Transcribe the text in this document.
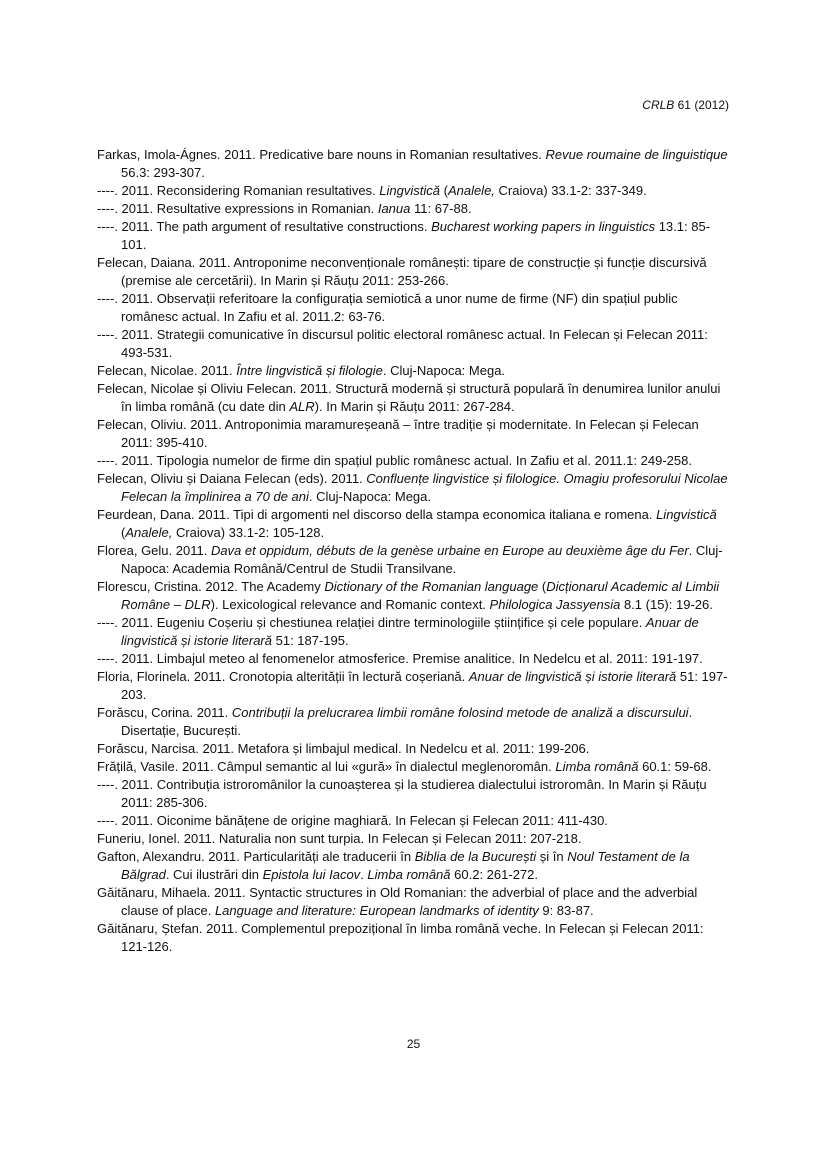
CRLB 61 (2012)
Farkas, Imola-Ágnes. 2011. Predicative bare nouns in Romanian resultatives. Revue roumaine de linguistique 56.3: 293-307.
----. 2011. Reconsidering Romanian resultatives. Lingvistică (Analele, Craiova) 33.1-2: 337-349.
----. 2011. Resultative expressions in Romanian. Ianua 11: 67-88.
----. 2011. The path argument of resultative constructions. Bucharest working papers in linguistics 13.1: 85-101.
Felecan, Daiana. 2011. Antroponime neconvenționale românești: tipare de construcție și funcție discursivă (premise ale cercetării). In Marin și Răuțu 2011: 253-266.
----. 2011. Observații referitoare la configurația semiotică a unor nume de firme (NF) din spațiul public românesc actual. In Zafiu et al. 2011.2: 63-76.
----. 2011. Strategii comunicative în discursul politic electoral românesc actual. In Felecan și Felecan 2011: 493-531.
Felecan, Nicolae. 2011. Între lingvistică și filologie. Cluj-Napoca: Mega.
Felecan, Nicolae și Oliviu Felecan. 2011. Structură modernă și structură populară în denumirea lunilor anului în limba română (cu date din ALR). In Marin și Răuțu 2011: 267-284.
Felecan, Oliviu. 2011. Antroponimia maramureșeană – între tradiție și modernitate. In Felecan și Felecan 2011: 395-410.
----. 2011. Tipologia numelor de firme din spațiul public românesc actual. In Zafiu et al. 2011.1: 249-258.
Felecan, Oliviu și Daiana Felecan (eds). 2011. Confluențe lingvistice și filologice. Omagiu profesorului Nicolae Felecan la împlinirea a 70 de ani. Cluj-Napoca: Mega.
Feurdean, Dana. 2011. Tipi di argomenti nel discorso della stampa economica italiana e romena. Lingvistică (Analele, Craiova) 33.1-2: 105-128.
Florea, Gelu. 2011. Dava et oppidum, débuts de la genèse urbaine en Europe au deuxième âge du Fer. Cluj-Napoca: Academia Română/Centrul de Studii Transilvane.
Florescu, Cristina. 2012. The Academy Dictionary of the Romanian language (Dicționarul Academic al Limbii Române – DLR). Lexicological relevance and Romanic context. Philologica Jassyensia 8.1 (15): 19-26.
----. 2011. Eugeniu Coșeriu și chestiunea relației dintre terminologiile științifice și cele populare. Anuar de lingvistică și istorie literară 51: 187-195.
----. 2011. Limbajul meteo al fenomenelor atmosferice. Premise analitice. In Nedelcu et al. 2011: 191-197.
Floria, Florinela. 2011. Cronotopia alterității în lectură coșeriană. Anuar de lingvistică și istorie literară 51: 197-203.
Forăscu, Corina. 2011. Contribuții la prelucrarea limbii române folosind metode de analiză a discursului. Disertație, București.
Forăscu, Narcisa. 2011. Metafora și limbajul medical. In Nedelcu et al. 2011: 199-206.
Frățilă, Vasile. 2011. Câmpul semantic al lui «gură» în dialectul meglenoromân. Limba română 60.1: 59-68.
----. 2011. Contribuția istroromânilor la cunoașterea și la studierea dialectului istroromân. In Marin și Răuțu 2011: 285-306.
----. 2011. Oiconime bănățene de origine maghiară. In Felecan și Felecan 2011: 411-430.
Funeriu, Ionel. 2011. Naturalia non sunt turpia. In Felecan și Felecan 2011: 207-218.
Gafton, Alexandru. 2011. Particularități ale traducerii în Biblia de la București și în Noul Testament de la Bălgrad. Cui ilustrări din Epistola lui Iacov. Limba română 60.2: 261-272.
Găitănaru, Mihaela. 2011. Syntactic structures in Old Romanian: the adverbial of place and the adverbial clause of place. Language and literature: European landmarks of identity 9: 83-87.
Găitănaru, Ștefan. 2011. Complementul prepozițional în limba română veche. In Felecan și Felecan 2011: 121-126.
25
